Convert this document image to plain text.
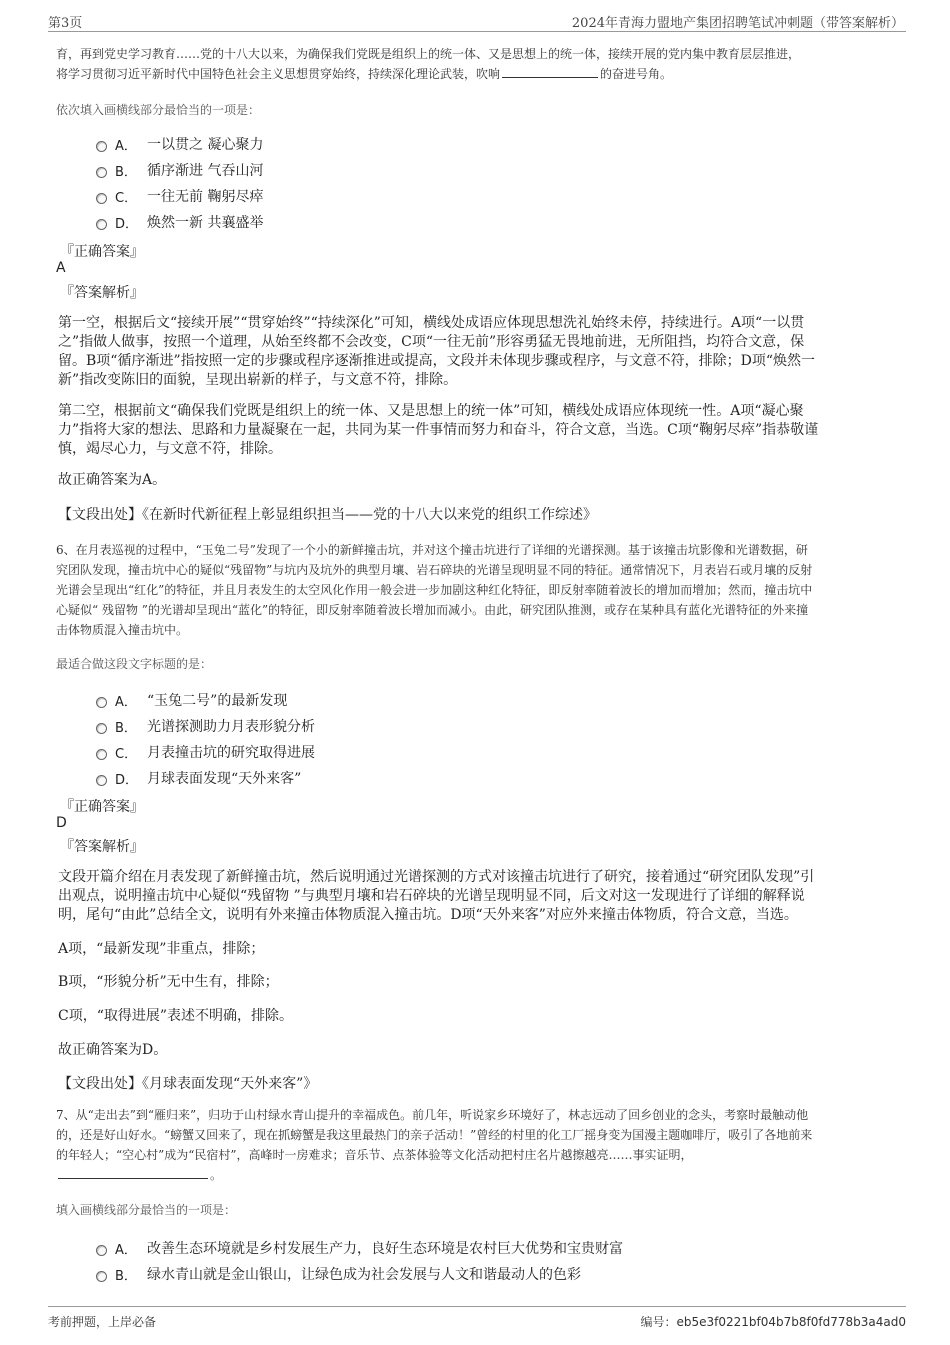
第3页	2024年青海力盟地产集团招聘笔试冲刺题（带答案解析）
育，再到党史学习教育……党的十八大以来，为确保我们党既是组织上的统一体、又是思想上的统一体，接续开展的党内集中教育层层推进，
将学习贯彻习近平新时代中国特色社会主义思想贯穿始终，持续深化理论武装，吹响	的奋进号角。
依次填入画横线部分最恰当的一项是：
A． 一以贯之 凝心聚力
B． 循序渐进 气吞山河
C． 一往无前 鞠躬尽瘁
D． 焕然一新 共襄盛举
『正确答案』
A
『答案解析』
第一空，根据后文“接续开展”“贯穿始终”“持续深化”可知，横线处成语应体现思想洗礼始终未停，持续进行。A项“一以贯
之”指做人做事，按照一个道理，从始至终都不会改变，C项“一往无前”形容勇猛无畏地前进，无所阻挡，均符合文意，保
留。B项“循序渐进”指按照一定的步骤或程序逐渐推进或提高，文段并未体现步骤或程序，与文意不符，排除；D项“焕然一
新”指改变陈旧的面貌，呈现出崭新的样子，与文意不符，排除。
第二空，根据前文“确保我们党既是组织上的统一体、又是思想上的统一体”可知，横线处成语应体现统一性。A项“凝心聚
力”指将大家的想法、思路和力量凝聚在一起，共同为某一件事情而努力和奋斗，符合文意，当选。C项“鞠躬尽瘁”指恭敬谨
慎，竭尽心力，与文意不符，排除。
故正确答案为A。
【文段出处】《在新时代新征程上彰显组织担当——党的十八大以来党的组织工作综述》
6、在月表巡视的过程中，“玉兔二号”发现了一个小的新鲜撞击坑，并对这个撞击坑进行了详细的光谱探测。基于该撞击坑影像和光谱数据，研
究团队发现，撞击坑中心的疑似“残留物”与坑内及坑外的典型月壤、岩石碎块的光谱呈现明显不同的特征。通常情况下，月表岩石或月壤的反射
光谱会呈现出“红化”的特征，并且月表发生的太空风化作用一般会进一步加剧这种红化特征，即反射率随着波长的增加而增加；然而，撞击坑中
心疑似“ 残留物 ”的光谱却呈现出“蓝化”的特征，即反射率随着波长增加而减小。由此，研究团队推测，或存在某种具有蓝化光谱特征的外来撞
击体物质混入撞击坑中。
最适合做这段文字标题的是：
A． “玉兔二号”的最新发现
B． 光谱探测助力月表形貌分析
C． 月表撞击坑的研究取得进展
D． 月球表面发现“天外来客”
『正确答案』
D
『答案解析』
文段开篇介绍在月表发现了新鲜撞击坑，然后说明通过光谱探测的方式对该撞击坑进行了研究，接着通过“研究团队发现”引
出观点，说明撞击坑中心疑似“残留物 ”与典型月壤和岩石碎块的光谱呈现明显不同，后文对这一发现进行了详细的解释说
明，尾句“由此”总结全文，说明有外来撞击体物质混入撞击坑。D项“天外来客”对应外来撞击体物质，符合文意，当选。
A项，“最新发现”非重点，排除；
B项，“形貌分析”无中生有，排除；
C项，“取得进展”表述不明确，排除。
故正确答案为D。
【文段出处】《月球表面发现“天外来客”》
7、从“走出去”到“雁归来”，归功于山村绿水青山提升的幸福成色。前几年，听说家乡环境好了，林志远动了回乡创业的念头，考察时最触动他
的，还是好山好水。“螃蟹又回来了，现在抓螃蟹是我这里最热门的亲子活动！”曾经的村里的化工厂摇身变为国漫主题咖啡厅，吸引了各地前来
的年轻人；“空心村”成为“民宿村”，高峰时一房难求；音乐节、点茶体验等文化活动把村庄名片越擦越亮……事实证明，
。
填入画横线部分最恰当的一项是：
A． 改善生态环境就是乡村发展生产力，良好生态环境是农村巨大优势和宝贵财富
B． 绿水青山就是金山银山，让绿色成为社会发展与人文和谐最动人的色彩
考前押题，上岸必备	编号：eb5e3f0221bf04b7b8f0fd778b3a4ad0
